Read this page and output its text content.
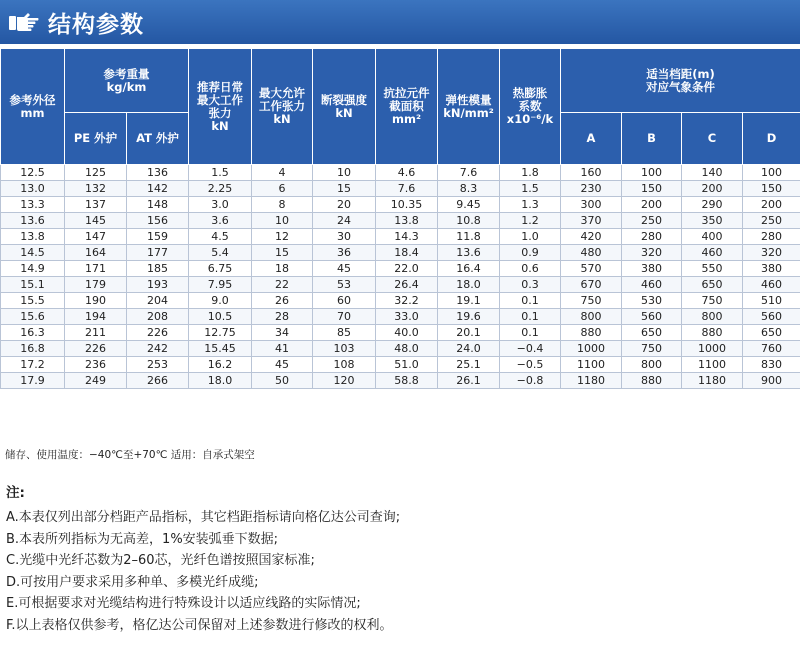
结构参数
参考外径
mm	参考重量
kg/km		推荐日常
最大工作
张力
kN	最大允许
工作张力
kN	断裂强度
kN	抗拉元件
截面积
mm²	弹性模量
kN/mm²	热膨胀
系数
x10⁻⁶/k	适当档距(m)
对应气象条件			
	PE 外护	AT 外护							A	B	C	D
12.5	125	136	1.5	4	10	4.6	7.6	1.8	160	100	140	100
13.0	132	142	2.25	6	15	7.6	8.3	1.5	230	150	200	150
13.3	137	148	3.0	8	20	10.35	9.45	1.3	300	200	290	200
13.6	145	156	3.6	10	24	13.8	10.8	1.2	370	250	350	250
13.8	147	159	4.5	12	30	14.3	11.8	1.0	420	280	400	280
14.5	164	177	5.4	15	36	18.4	13.6	0.9	480	320	460	320
14.9	171	185	6.75	18	45	22.0	16.4	0.6	570	380	550	380
15.1	179	193	7.95	22	53	26.4	18.0	0.3	670	460	650	460
15.5	190	204	9.0	26	60	32.2	19.1	0.1	750	530	750	510
15.6	194	208	10.5	28	70	33.0	19.6	0.1	800	560	800	560
16.3	211	226	12.75	34	85	40.0	20.1	0.1	880	650	880	650
16.8	226	242	15.45	41	103	48.0	24.0	−0.4	1000	750	1000	760
17.2	236	253	16.2	45	108	51.0	25.1	−0.5	1100	800	1100	830
17.9	249	266	18.0	50	120	58.8	26.1	−0.8	1180	880	1180	900
储存、使用温度：−40℃至+70℃ 适用：自承式架空
注:
A.本表仅列出部分档距产品指标，其它档距指标请向格亿达公司查询;
B.本表所列指标为无高差，1%安装弧垂下数据;
C.光缆中光纤芯数为2–60芯，光纤色谱按照国家标准;
D.可按用户要求采用多种单、多模光纤成缆;
E.可根据要求对光缆结构进行特殊设计以适应线路的实际情况;
F.以上表格仅供参考，格亿达公司保留对上述参数进行修改的权利。
